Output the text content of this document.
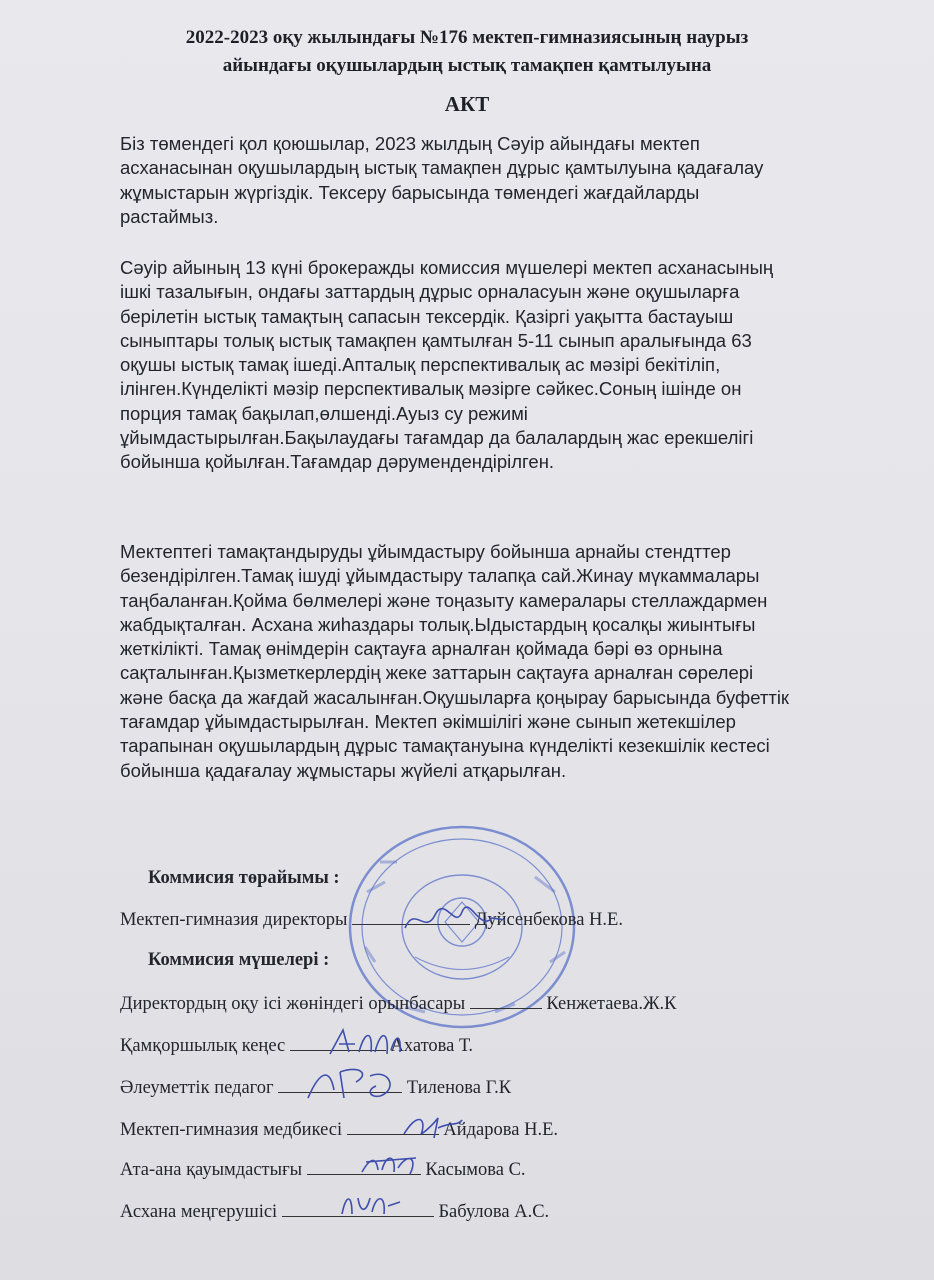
2022-2023 оқу жылындағы №176 мектеп-гимназиясының наурыз
айындағы оқушылардың ыстық тамақпен қамтылуына
АКТ
Біз төмендегі қол қоюшылар, 2023 жылдың Сәуір айындағы мектеп
асханасынан оқушылардың ыстық тамақпен дұрыс қамтылуына қадағалау
жұмыстарын жүргіздік. Тексеру барысында төмендегі жағдайларды
растаймыз.
Сәуір айының 13 күні брокеражды комиссия мүшелері мектеп асханасының
ішкі тазалығын, ондағы заттардың дұрыс орналасуын және оқушыларға
берілетін ыстық тамақтың сапасын тексердік. Қазіргі уақытта бастауыш
сыныптары толық ыстық тамақпен қамтылған 5-11 сынып аралығында 63
оқушы ыстық тамақ ішеді.Апталық перспективалық ас мәзірі бекітіліп,
ілінген.Күнделікті мәзір перспективалық мәзірге сәйкес.Соның ішінде он
порция тамақ бақылап,өлшенді.Ауыз су режимі
ұйымдастырылған.Бақылаудағы тағамдар да балалардың жас ерекшелігі
бойынша қойылған.Тағамдар дәрумендендірілген.
Мектептегі тамақтандыруды ұйымдастыру бойынша арнайы стендттер
безендірілген.Тамақ ішуді ұйымдастыру талапқа сай.Жинау мүкаммалары
таңбаланған.Қойма бөлмелері және тоңазыту камералары стеллаждармен
жабдықталған. Асхана жиһаздары толық.Ыдыстардың қосалқы жиынтығы
жеткілікті. Тамақ өнімдерін сақтауға арналған қоймада бәрі өз орнына
сақталынған.Қызметкерлердің жеке заттарын сақтауға арналған сөрелері
және басқа да жағдай жасалынған.Оқушыларға қоңырау барысында буфеттік
тағамдар ұйымдастырылған. Мектеп әкімшілігі және сынып жетекшілер
тарапынан оқушылардың дұрыс тамақтануына күнделікті кезекшілік кестесі
бойынша қадағалау жұмыстары жүйелі атқарылған.
Коммисия төрайымы :
Мектеп-гимназия директоры	Дуйсенбекова Н.Е.
Коммисия мүшелері :
Директордың оқу ісі жөніндегі орынбасары	Кенжетаева.Ж.К
Қамқоршылық кеңес	Ахатова Т.
Әлеуметтік педагог	Тиленова Г.К
Мектеп-гимназия медбикесі	Айдарова Н.Е.
Ата-ана қауымдастығы	Касымова С.
Асхана меңгерушісі	Бабулова А.С.
